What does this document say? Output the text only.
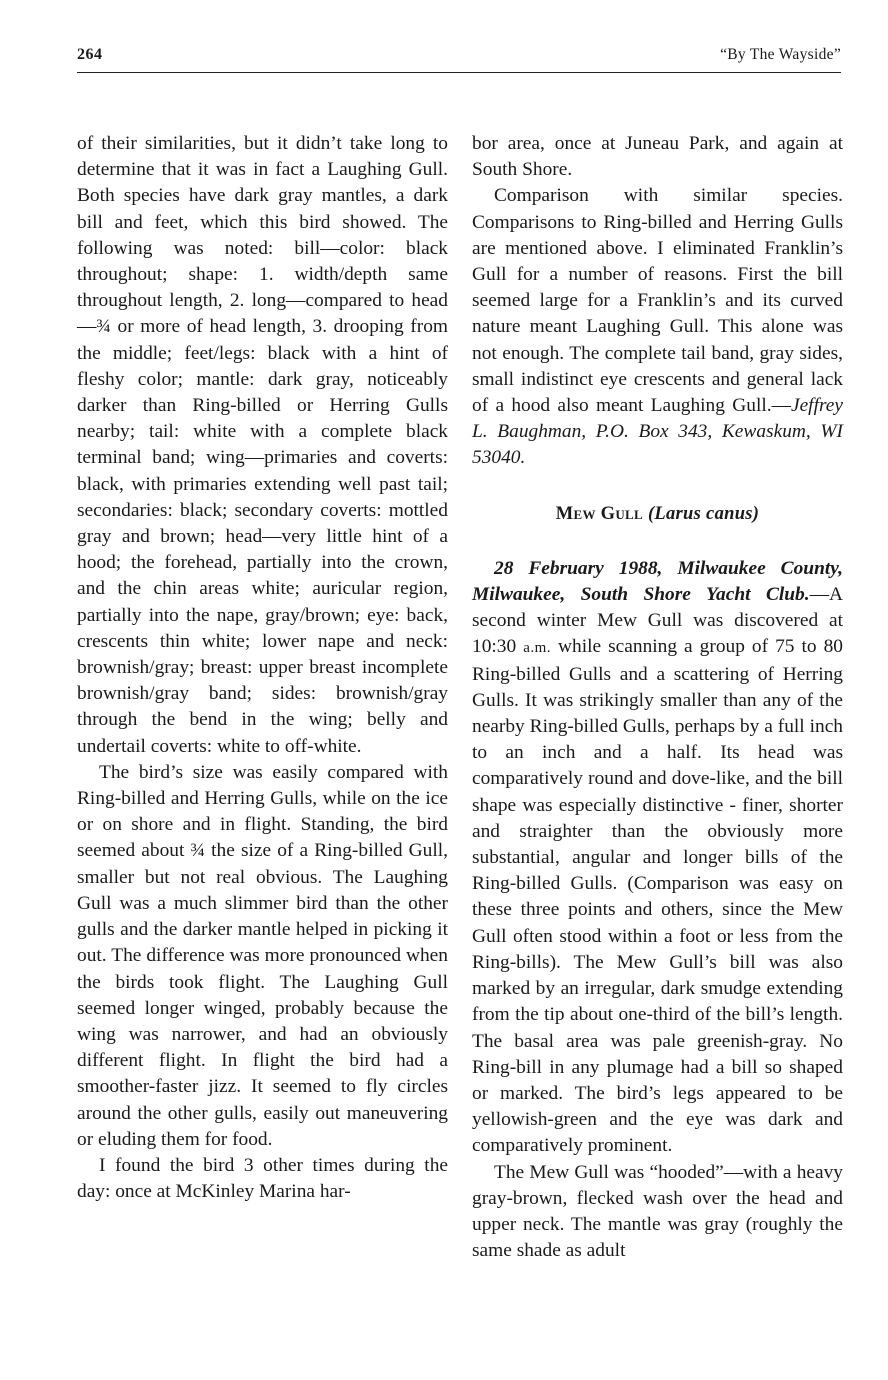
264	“By The Wayside”

of their similarities, but it didn’t take long to determine that it was in fact a Laughing Gull. Both species have dark gray mantles, a dark bill and feet, which this bird showed. The following was noted: bill—color: black throughout; shape: 1. width/depth same throughout length, 2. long—compared to head—¾ or more of head length, 3. drooping from the middle; feet/legs: black with a hint of fleshy color; mantle: dark gray, noticeably darker than Ring-billed or Herring Gulls nearby; tail: white with a complete black terminal band; wing—primaries and coverts: black, with primaries extending well past tail; secondaries: black; secondary coverts: mottled gray and brown; head—very little hint of a hood; the forehead, partially into the crown, and the chin areas white; auricular region, partially into the nape, gray/brown; eye: back, crescents thin white; lower nape and neck: brownish/gray; breast: upper breast incomplete brownish/gray band; sides: brownish/gray through the bend in the wing; belly and undertail coverts: white to off-white.

The bird’s size was easily compared with Ring-billed and Herring Gulls, while on the ice or on shore and in flight. Standing, the bird seemed about ¾ the size of a Ring-billed Gull, smaller but not real obvious. The Laughing Gull was a much slimmer bird than the other gulls and the darker mantle helped in picking it out. The difference was more pronounced when the birds took flight. The Laughing Gull seemed longer winged, probably because the wing was narrower, and had an obviously different flight. In flight the bird had a smoother-faster jizz. It seemed to fly circles around the other gulls, easily out maneuvering or eluding them for food.

I found the bird 3 other times during the day: once at McKinley Marina har-

bor area, once at Juneau Park, and again at South Shore.

Comparison with similar species. Comparisons to Ring-billed and Herring Gulls are mentioned above. I eliminated Franklin’s Gull for a number of reasons. First the bill seemed large for a Franklin’s and its curved nature meant Laughing Gull. This alone was not enough. The complete tail band, gray sides, small indistinct eye crescents and general lack of a hood also meant Laughing Gull.—Jeffrey L. Baughman, P.O. Box 343, Kewaskum, WI 53040.

Mew Gull (Larus canus)

28 February 1988, Milwaukee County, Milwaukee, South Shore Yacht Club.—A second winter Mew Gull was discovered at 10:30 a.m. while scanning a group of 75 to 80 Ring-billed Gulls and a scattering of Herring Gulls. It was strikingly smaller than any of the nearby Ring-billed Gulls, perhaps by a full inch to an inch and a half. Its head was comparatively round and dove-like, and the bill shape was especially distinctive - finer, shorter and straighter than the obviously more substantial, angular and longer bills of the Ring-billed Gulls. (Comparison was easy on these three points and others, since the Mew Gull often stood within a foot or less from the Ring-bills). The Mew Gull’s bill was also marked by an irregular, dark smudge extending from the tip about one-third of the bill’s length. The basal area was pale greenish-gray. No Ring-bill in any plumage had a bill so shaped or marked. The bird’s legs appeared to be yellowish-green and the eye was dark and comparatively prominent.

The Mew Gull was “hooded”—with a heavy gray-brown, flecked wash over the head and upper neck. The mantle was gray (roughly the same shade as adult
